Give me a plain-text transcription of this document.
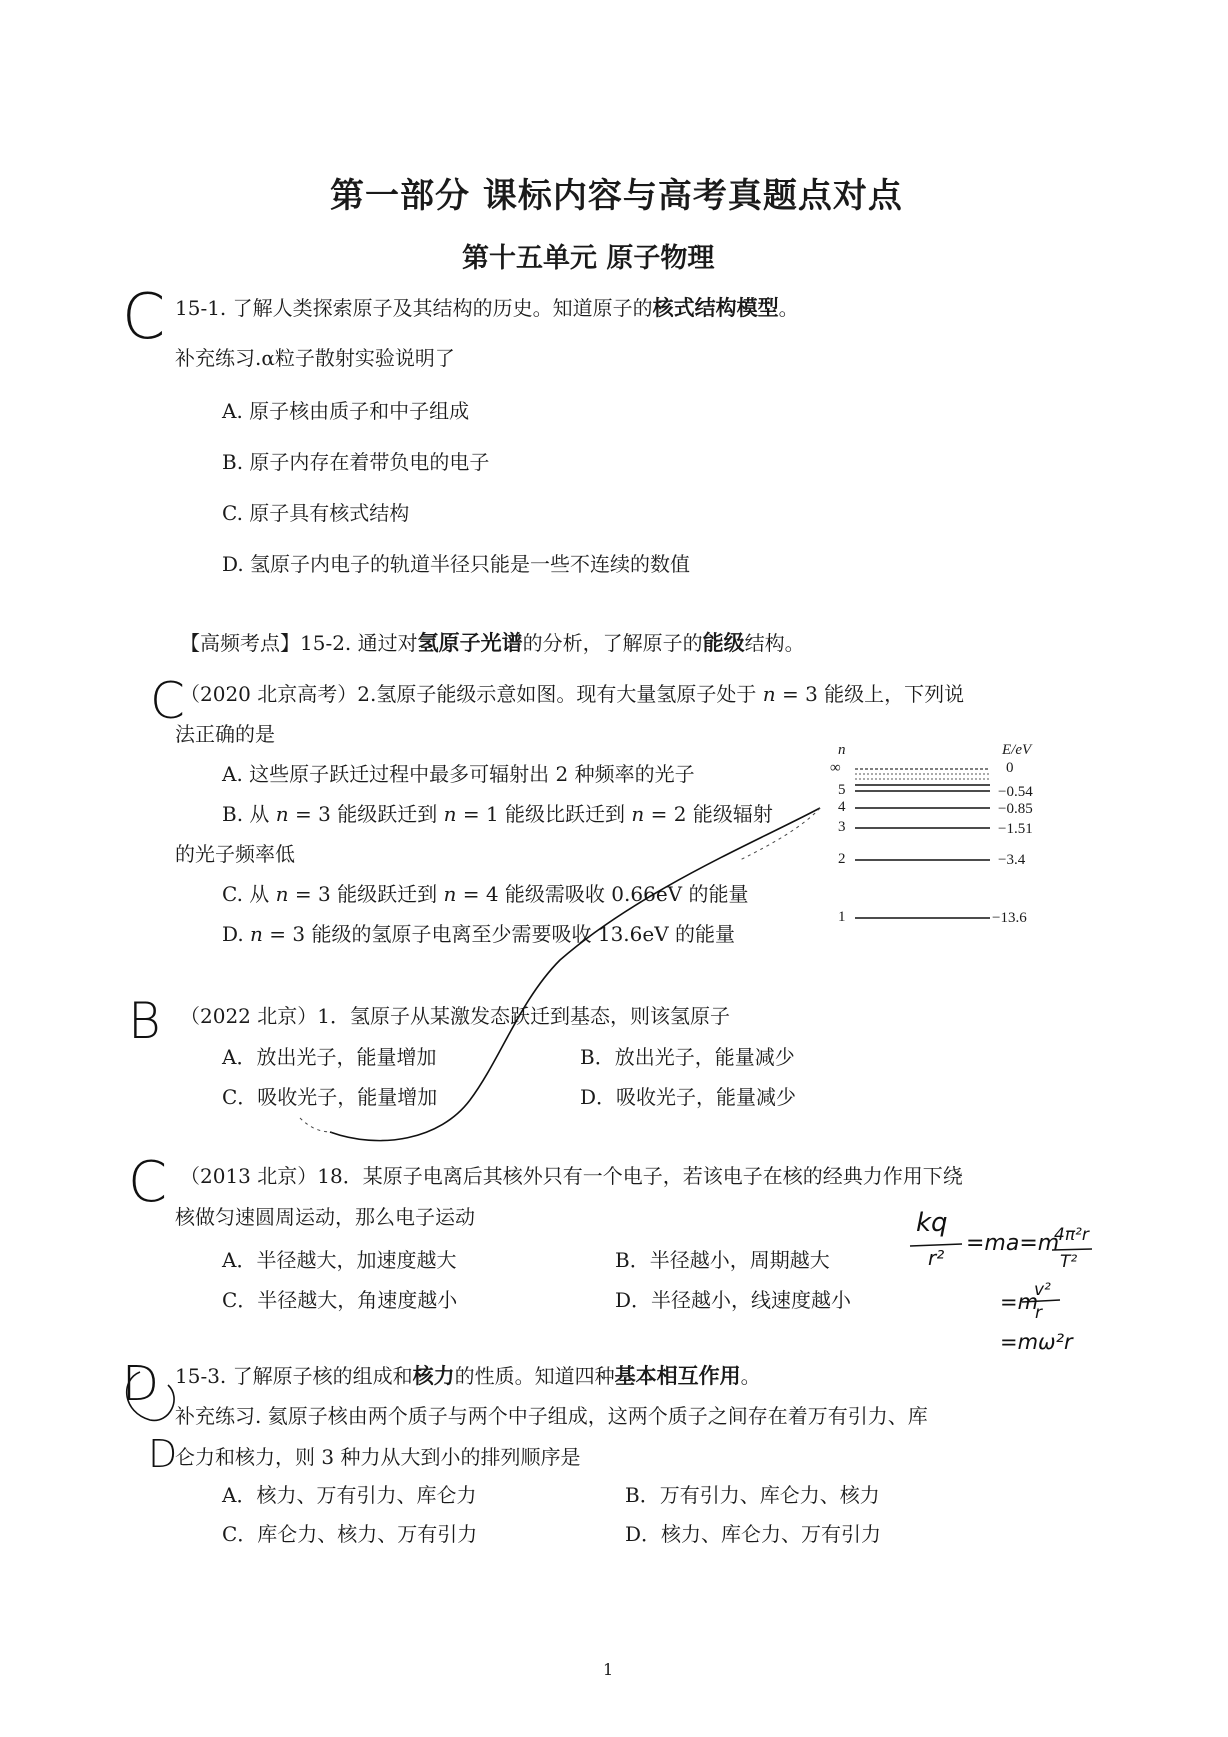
第一部分 课标内容与高考真题点对点
第十五单元 原子物理
15-1. 了解人类探索原子及其结构的历史。知道原子的核式结构模型。
补充练习.α粒子散射实验说明了
A. 原子核由质子和中子组成
B. 原子内存在着带负电的电子
C. 原子具有核式结构
D. 氢原子内电子的轨道半径只能是一些不连续的数值
【高频考点】15-2. 通过对氢原子光谱的分析，了解原子的能级结构。
（2020 北京高考）2.氢原子能级示意如图。现有大量氢原子处于 n = 3 能级上，下列说
法正确的是
A. 这些原子跃迁过程中最多可辐射出 2 种频率的光子
B. 从 n = 3 能级跃迁到 n = 1 能级比跃迁到 n = 2 能级辐射
的光子频率低
C. 从 n = 3 能级跃迁到 n = 4 能级需吸收 0.66eV 的能量
D. n = 3 能级的氢原子电离至少需要吸收 13.6eV 的能量
n	E/eV
∞	0
5	−0.54
4	−0.85
3	−1.51
2	−3.4
1	−13.6
（2022 北京）1．氢原子从某激发态跃迁到基态，则该氢原子
A．放出光子，能量增加	B．放出光子，能量减少
C．吸收光子，能量增加	D．吸收光子，能量减少
（2013 北京）18．某原子电离后其核外只有一个电子，若该电子在核的经典力作用下绕
核做匀速圆周运动，那么电子运动
A．半径越大，加速度越大	B．半径越小，周期越大
C．半径越大，角速度越小	D．半径越小，线速度越小
15-3. 了解原子核的组成和核力的性质。知道四种基本相互作用。
补充练习. 氦原子核由两个质子与两个中子组成，这两个质子之间存在着万有引力、库
仑力和核力，则 3 种力从大到小的排列顺序是
A．核力、万有引力、库仑力	B．万有引力、库仑力、核力
C．库仑力、核力、万有引力	D．核力、库仑力、万有引力
C
C
B
C
D
D
kq
r²
=ma=m
4π²r
T²
=m
v²
r
=mω²r
1
